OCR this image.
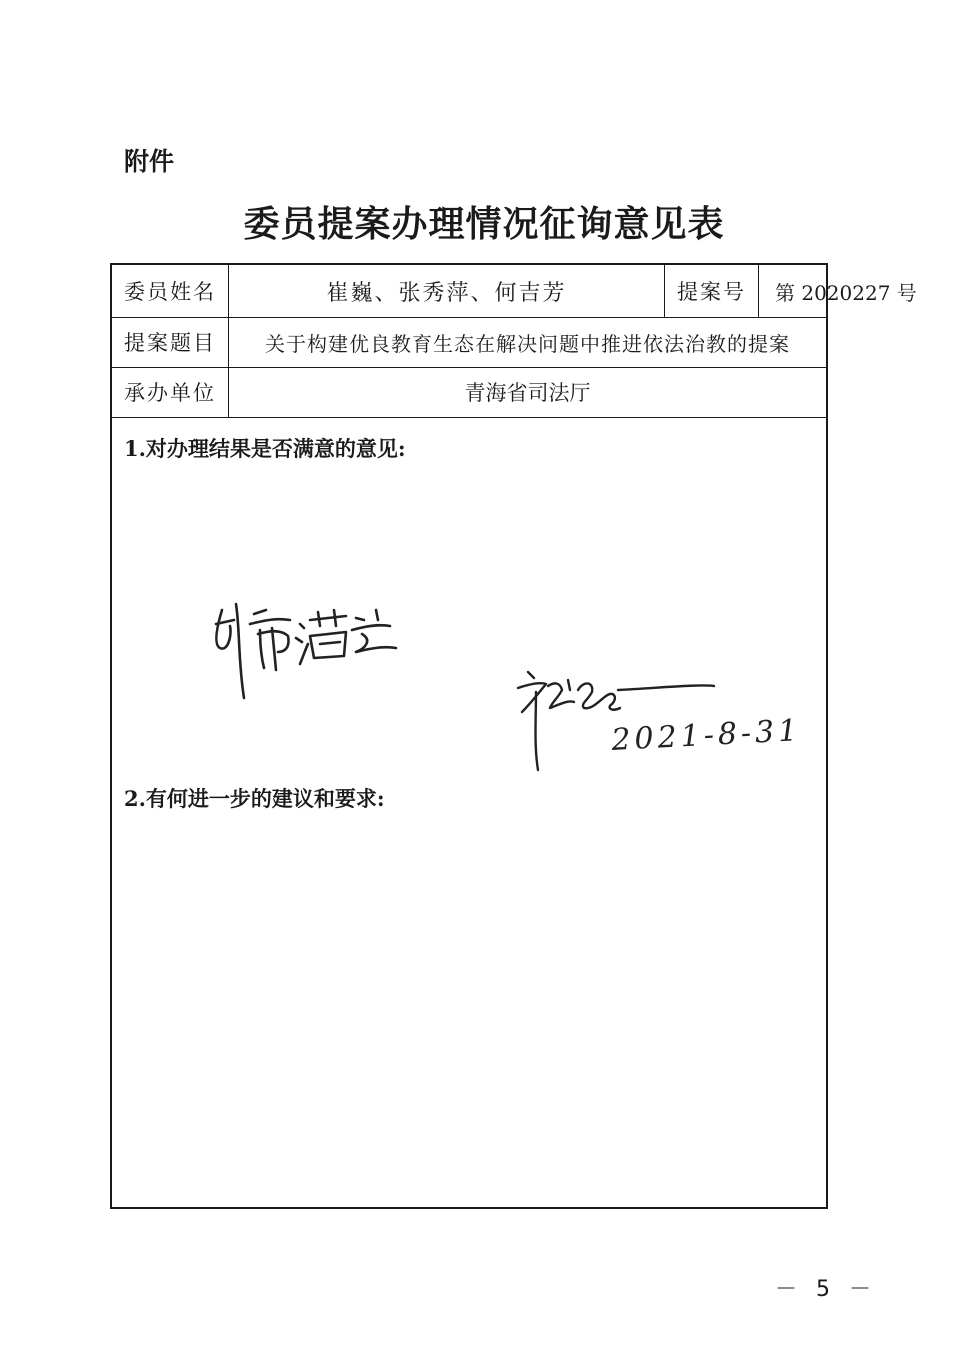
附件
委员提案办理情况征询意见表
委员姓名	崔巍、张秀萍、何吉芳	提案号	第 2020227 号
提案题目	关于构建优良教育生态在解决问题中推进依法治教的提案
承办单位	青海省司法厅
1.对办理结果是否满意的意见:
2021-8-31
2.有何进一步的建议和要求:
－ 5 －
